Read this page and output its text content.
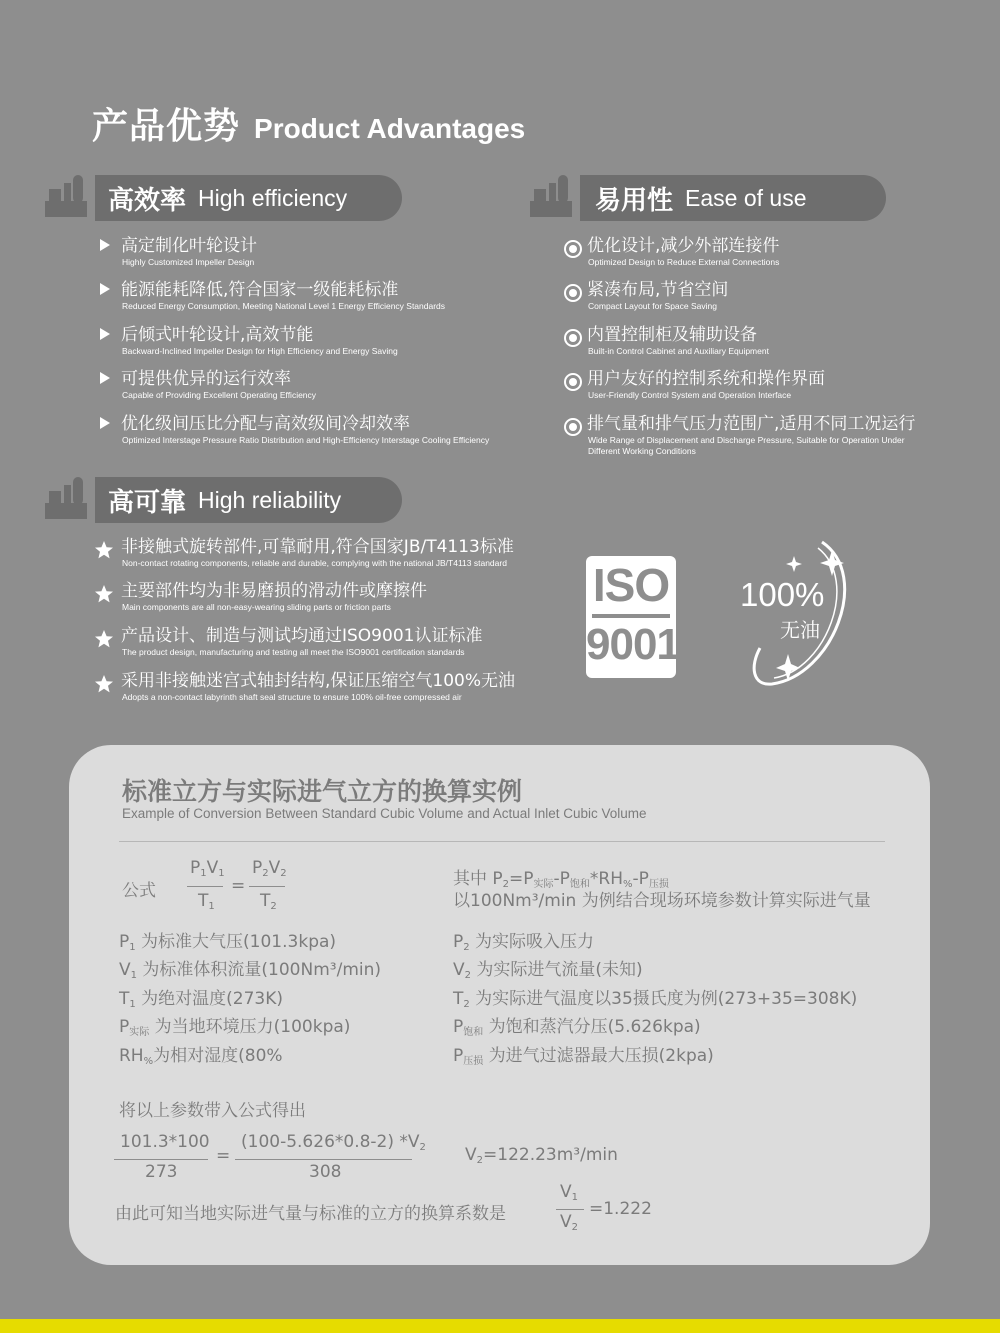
产品优势 Product Advantages
高效率 High efficiency	易用性 Ease of use
高可靠 High reliability
高定制化叶轮设计
Highly Customized Impeller Design
能源能耗降低,符合国家一级能耗标准
Reduced Energy Consumption, Meeting National Level 1 Energy Efficiency Standards
后倾式叶轮设计,高效节能
Backward-Inclined Impeller Design for High Efficiency and Energy Saving
可提供优异的运行效率
Capable of Providing Excellent Operating Efficiency
优化级间压比分配与高效级间冷却效率
Optimized Interstage Pressure Ratio Distribution and High-Efficiency Interstage Cooling Efficiency
优化设计,减少外部连接件
Optimized Design to Reduce External Connections
紧凑布局,节省空间
Compact Layout for Space Saving
内置控制柜及辅助设备
Built-in Control Cabinet and Auxiliary Equipment
用户友好的控制系统和操作界面
User-Friendly Control System and Operation Interface
排气量和排气压力范围广,适用不同工况运行
Wide Range of Displacement and Discharge Pressure, Suitable for Operation Under
Different Working Conditions
非接触式旋转部件,可靠耐用,符合国家JB/T4113标准
Non-contact rotating components, reliable and durable, complying with the national JB/T4113 standard
主要部件均为非易磨损的滑动件或摩擦件
Main components are all non-easy-wearing sliding parts or friction parts
产品设计、制造与测试均通过ISO9001认证标准
The product design, manufacturing and testing all meet the ISO9001 certification standards
采用非接触迷宫式轴封结构,保证压缩空气100%无油
Adopts a non-contact labyrinth shaft seal structure to ensure 100% oil-free compressed air
ISO
9001
100%
无油
标准立方与实际进气立方的换算实例
Example of Conversion Between Standard Cubic Volume and Actual Inlet Cubic Volume
公式
$P_1V_1$
$T_1$
=
$P_2V_2$
$T_2$
其中 $P_2=P_{实际}-P_{饱和}*RH_{\%}-P_{压损}$
以100Nm³/min 为例结合现场环境参数计算实际进气量
$P_1$ 为标准大气压(101.3kpa)
$V_1$ 为标准体积流量(100Nm³/min)
$T_1$ 为绝对温度(273K)
$P_{实际}$ 为当地环境压力(100kpa)
$RH_{\%}$为相对湿度(80%
$P_2$ 为实际吸入压力
$V_2$ 为实际进气流量(未知)
$T_2$ 为实际进气温度以35摄氏度为例(273+35=308K)
$P_{饱和}$ 为饱和蒸汽分压(5.626kpa)
$P_{压损}$ 为进气过滤器最大压损(2kpa)
将以上参数带入公式得出
101.3*100
273
=
(100-5.626*0.8-2) $*V_2$
308
$V_2=122.23m^3/\min$
由此可知当地实际进气量与标准的立方的换算系数是
$V_1$
$V_2$
=1.222
